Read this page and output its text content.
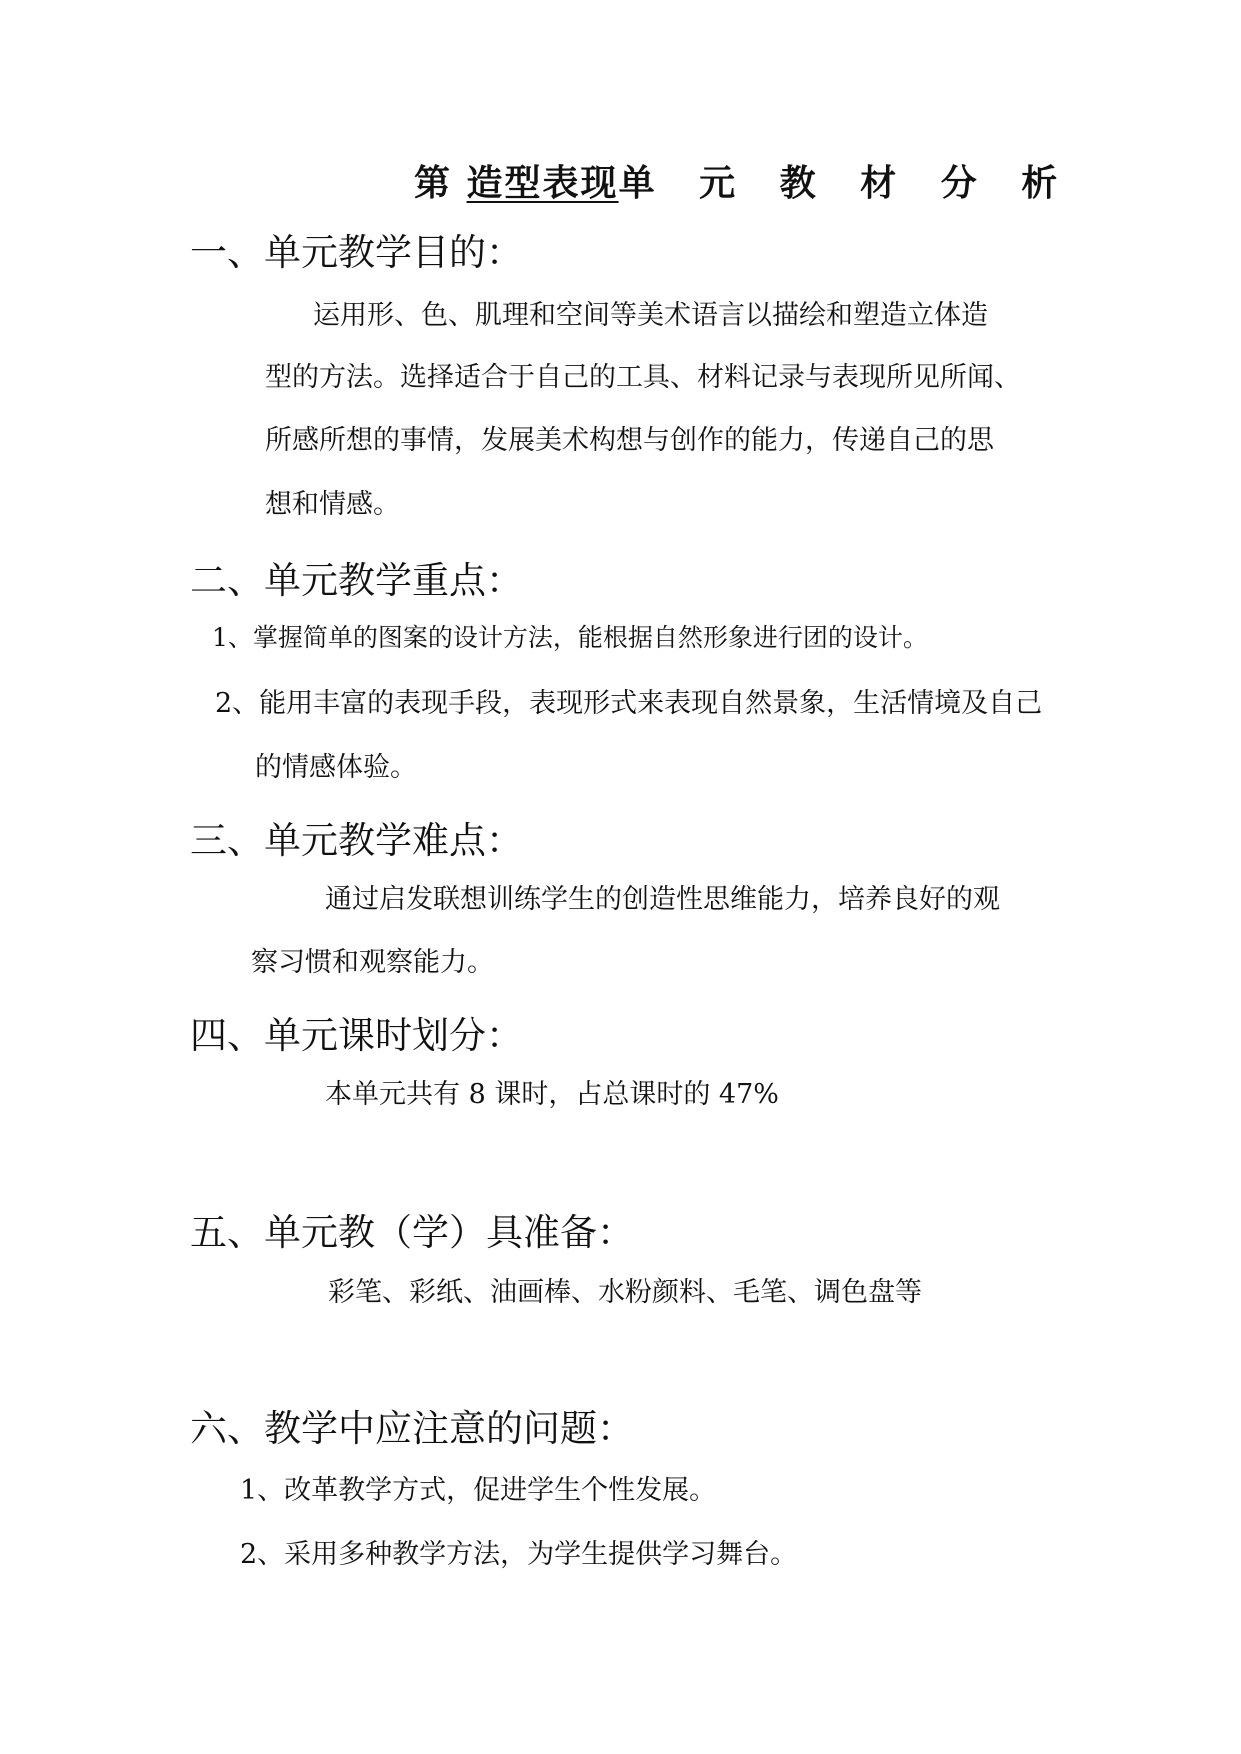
第 造型表现单 元 教 材 分 析
一、单元教学目的：
运用形、色、肌理和空间等美术语言以描绘和塑造立体造
型的方法。选择适合于自己的工具、材料记录与表现所见所闻、
所感所想的事情，发展美术构想与创作的能力，传递自己的思
想和情感。
二、单元教学重点：
1、掌握简单的图案的设计方法，能根据自然形象进行团的设计。
2、能用丰富的表现手段，表现形式来表现自然景象，生活情境及自己
的情感体验。
三、单元教学难点：
通过启发联想训练学生的创造性思维能力，培养良好的观
察习惯和观察能力。
四、单元课时划分：
本单元共有 8 课时，占总课时的 47%
五、单元教（学）具准备：
彩笔、彩纸、油画棒、水粉颜料、毛笔、调色盘等
六、教学中应注意的问题：
1、改革教学方式，促进学生个性发展。
2、采用多种教学方法，为学生提供学习舞台。
